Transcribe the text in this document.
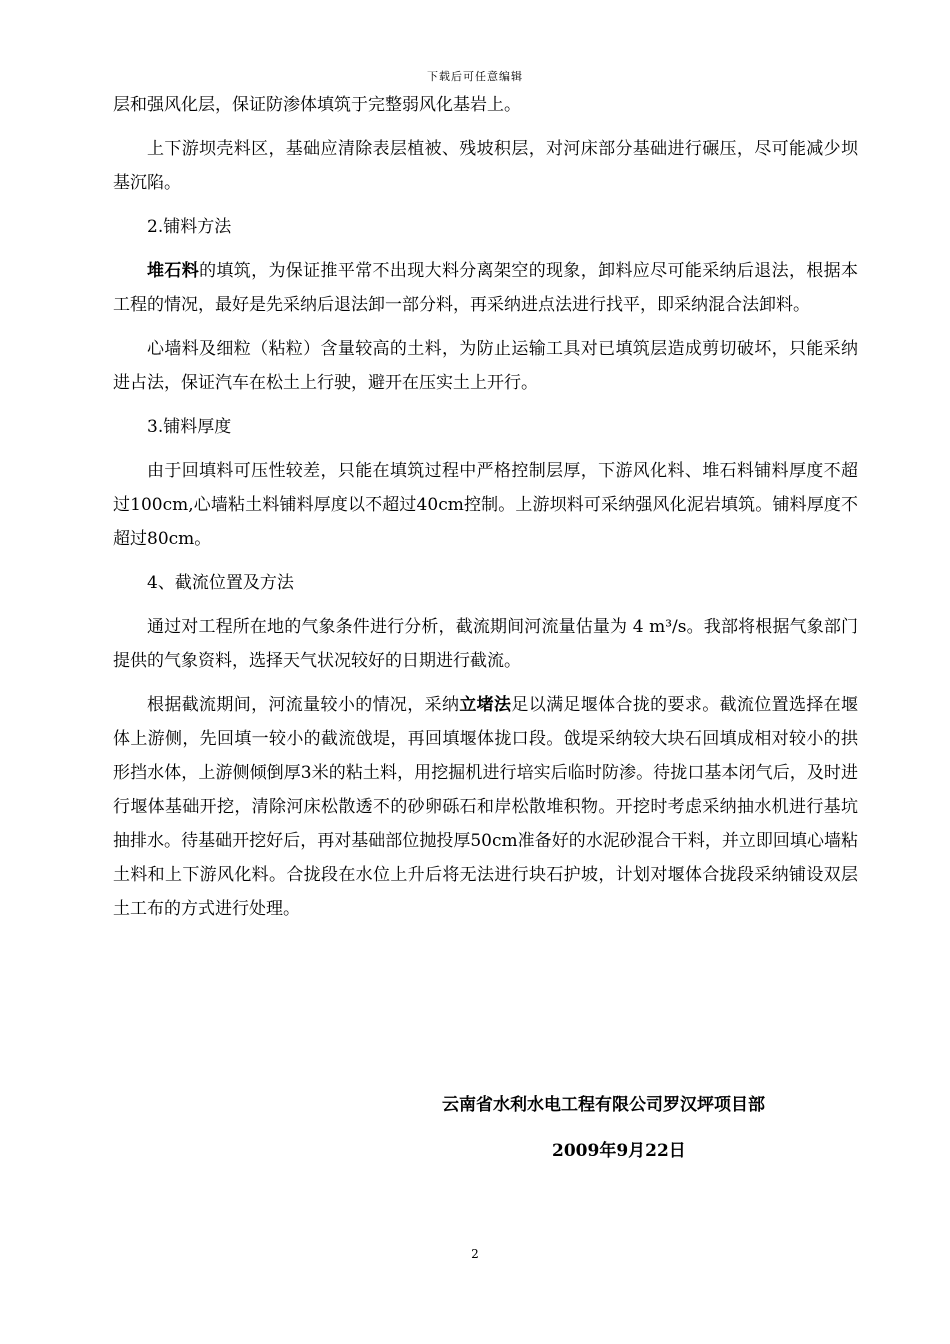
下载后可任意编辑

层和强风化层，保证防渗体填筑于完整弱风化基岩上。

上下游坝壳料区，基础应清除表层植被、残坡积层，对河床部分基础进行碾压，尽可能减少坝基沉陷。

2.铺料方法

堆石料的填筑，为保证推平常不出现大料分离架空的现象，卸料应尽可能采纳后退法，根据本工程的情况，最好是先采纳后退法卸一部分料，再采纳进点法进行找平，即采纳混合法卸料。

心墙料及细粒（粘粒）含量较高的土料，为防止运输工具对已填筑层造成剪切破坏，只能采纳进占法，保证汽车在松土上行驶，避开在压实土上开行。

3.铺料厚度

由于回填料可压性较差，只能在填筑过程中严格控制层厚，下游风化料、堆石料铺料厚度不超过100cm,心墙粘土料铺料厚度以不超过40cm控制。上游坝料可采纳强风化泥岩填筑。铺料厚度不超过80cm。

4、截流位置及方法

通过对工程所在地的气象条件进行分析，截流期间河流量估量为 4 m³/s。我部将根据气象部门提供的气象资料，选择天气状况较好的日期进行截流。

根据截流期间，河流量较小的情况，采纳立堵法足以满足堰体合拢的要求。截流位置选择在堰体上游侧，先回填一较小的截流戗堤，再回填堰体拢口段。戗堤采纳较大块石回填成相对较小的拱形挡水体，上游侧倾倒厚3米的粘土料，用挖掘机进行培实后临时防渗。待拢口基本闭气后，及时进行堰体基础开挖，清除河床松散透不的砂卵砾石和岸松散堆积物。开挖时考虑采纳抽水机进行基坑抽排水。待基础开挖好后，再对基础部位抛投厚50cm准备好的水泥砂混合干料，并立即回填心墙粘土料和上下游风化料。合拢段在水位上升后将无法进行块石护坡，计划对堰体合拢段采纳铺设双层土工布的方式进行处理。

云南省水利水电工程有限公司罗汉坪项目部
2009年9月22日
2
